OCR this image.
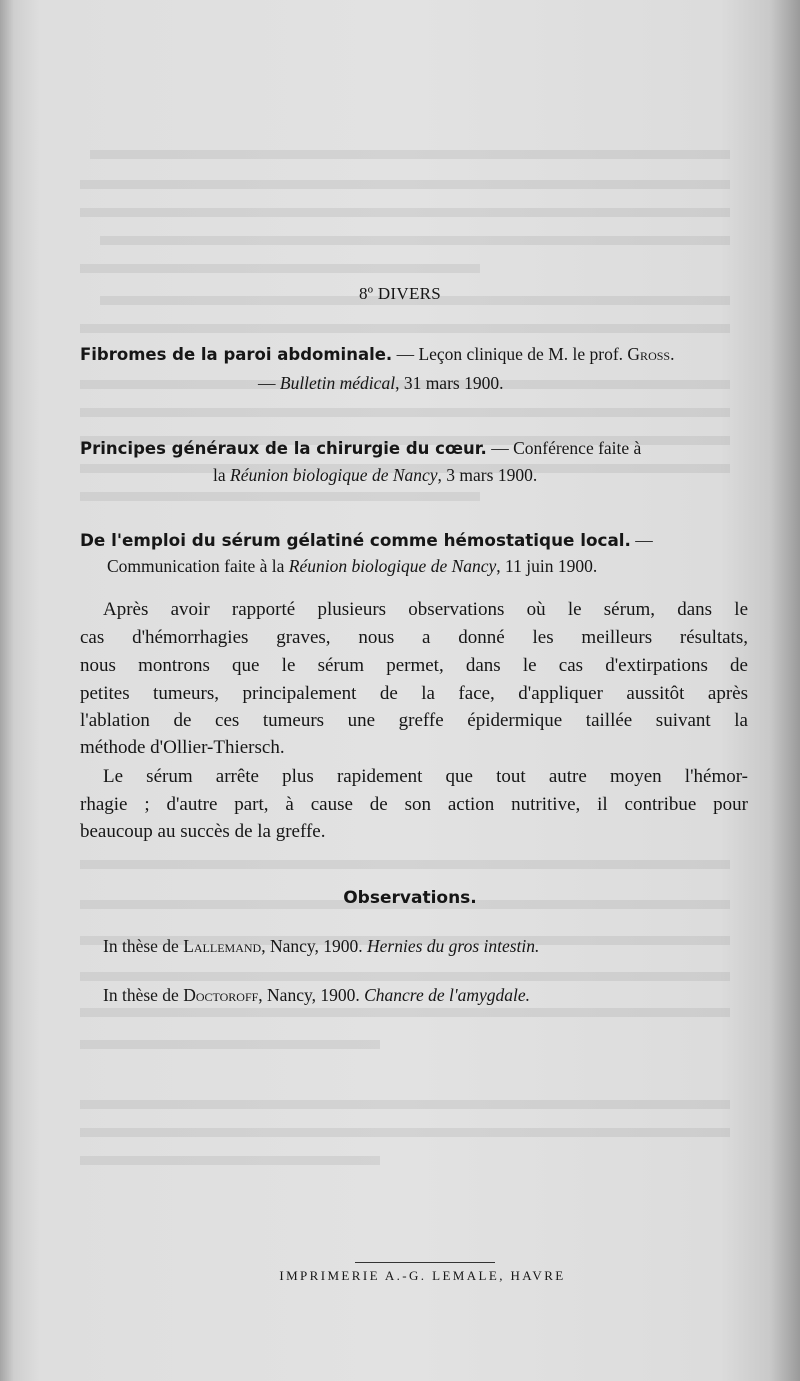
8º DIVERS
Fibromes de la paroi abdominale. — Leçon clinique de M. le prof. Gross.
— Bulletin médical, 31 mars 1900.
Principes généraux de la chirurgie du cœur. — Conférence faite à
la Réunion biologique de Nancy, 3 mars 1900.
De l'emploi du sérum gélatiné comme hémostatique local. —
Communication faite à la Réunion biologique de Nancy, 11 juin 1900.
Après avoir rapporté plusieurs observations où le sérum, dans le
cas d'hémorrhagies graves, nous a donné les meilleurs résultats,
nous montrons que le sérum permet, dans le cas d'extirpations de
petites tumeurs, principalement de la face, d'appliquer aussitôt après
l'ablation de ces tumeurs une greffe épidermique taillée suivant la
méthode d'Ollier-Thiersch.
Le sérum arrête plus rapidement que tout autre moyen l'hémor-
rhagie ; d'autre part, à cause de son action nutritive, il contribue pour
beaucoup au succès de la greffe.
Observations.
In thèse de Lallemand, Nancy, 1900. Hernies du gros intestin.
In thèse de Doctoroff, Nancy, 1900. Chancre de l'amygdale.
IMPRIMERIE A.-G. LEMALE, HAVRE
